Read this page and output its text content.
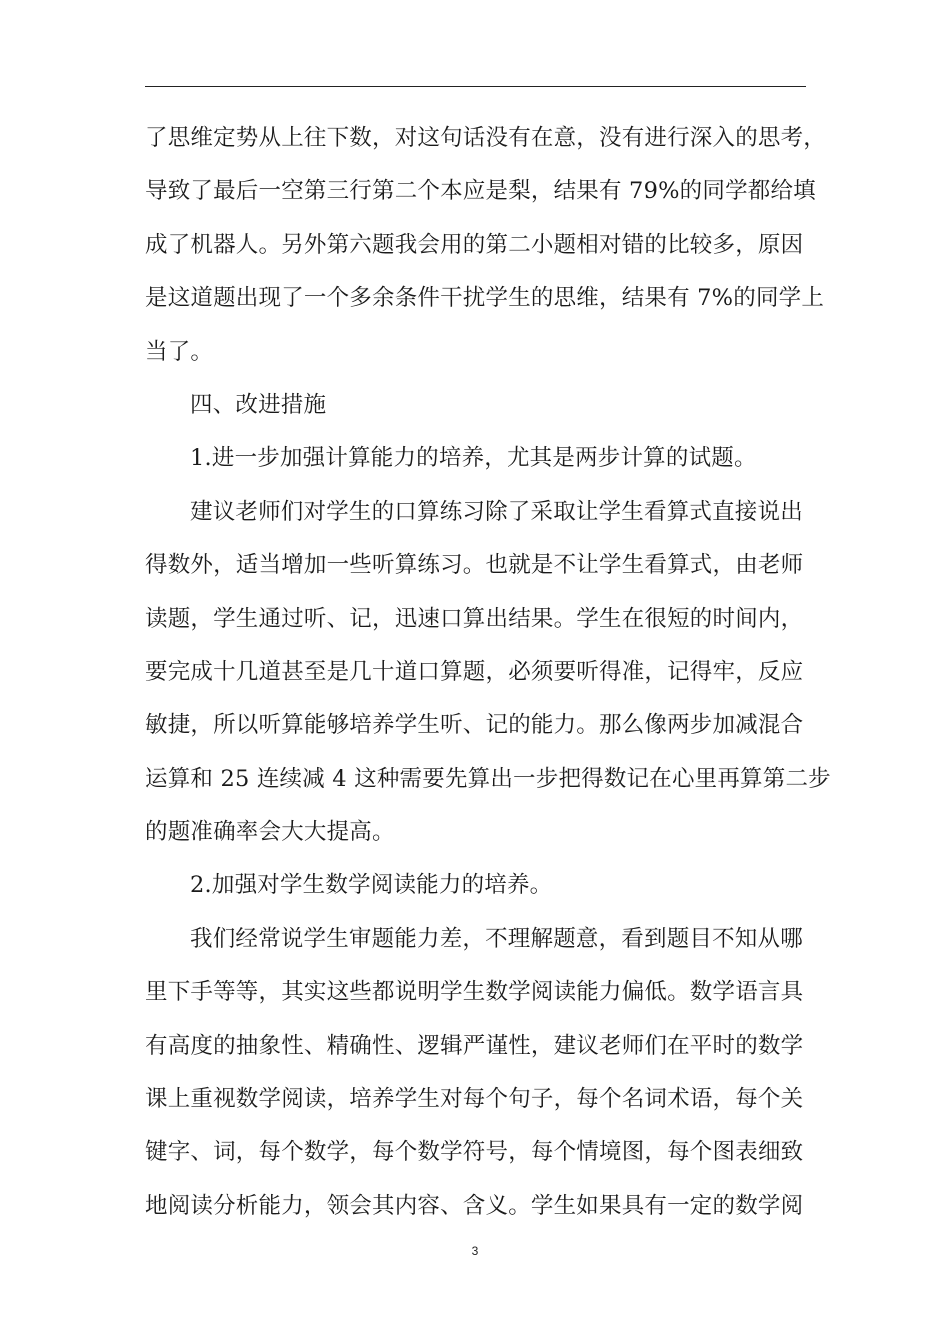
了思维定势从上往下数，对这句话没有在意，没有进行深入的思考，
导致了最后一空第三行第二个本应是梨，结果有 79%的同学都给填
成了机器人。另外第六题我会用的第二小题相对错的比较多，原因
是这道题出现了一个多余条件干扰学生的思维，结果有 7%的同学上
当了。
四、改进措施
1.进一步加强计算能力的培养，尤其是两步计算的试题。
建议老师们对学生的口算练习除了采取让学生看算式直接说出
得数外，适当增加一些听算练习。也就是不让学生看算式，由老师
读题，学生通过听、记，迅速口算出结果。学生在很短的时间内，
要完成十几道甚至是几十道口算题，必须要听得准，记得牢，反应
敏捷，所以听算能够培养学生听、记的能力。那么像两步加减混合
运算和 25 连续减 4 这种需要先算出一步把得数记在心里再算第二步
的题准确率会大大提高。
2.加强对学生数学阅读能力的培养。
我们经常说学生审题能力差，不理解题意，看到题目不知从哪
里下手等等，其实这些都说明学生数学阅读能力偏低。数学语言具
有高度的抽象性、精确性、逻辑严谨性，建议老师们在平时的数学
课上重视数学阅读，培养学生对每个句子，每个名词术语，每个关
键字、词，每个数学，每个数学符号，每个情境图，每个图表细致
地阅读分析能力，领会其内容、含义。学生如果具有一定的数学阅
3
